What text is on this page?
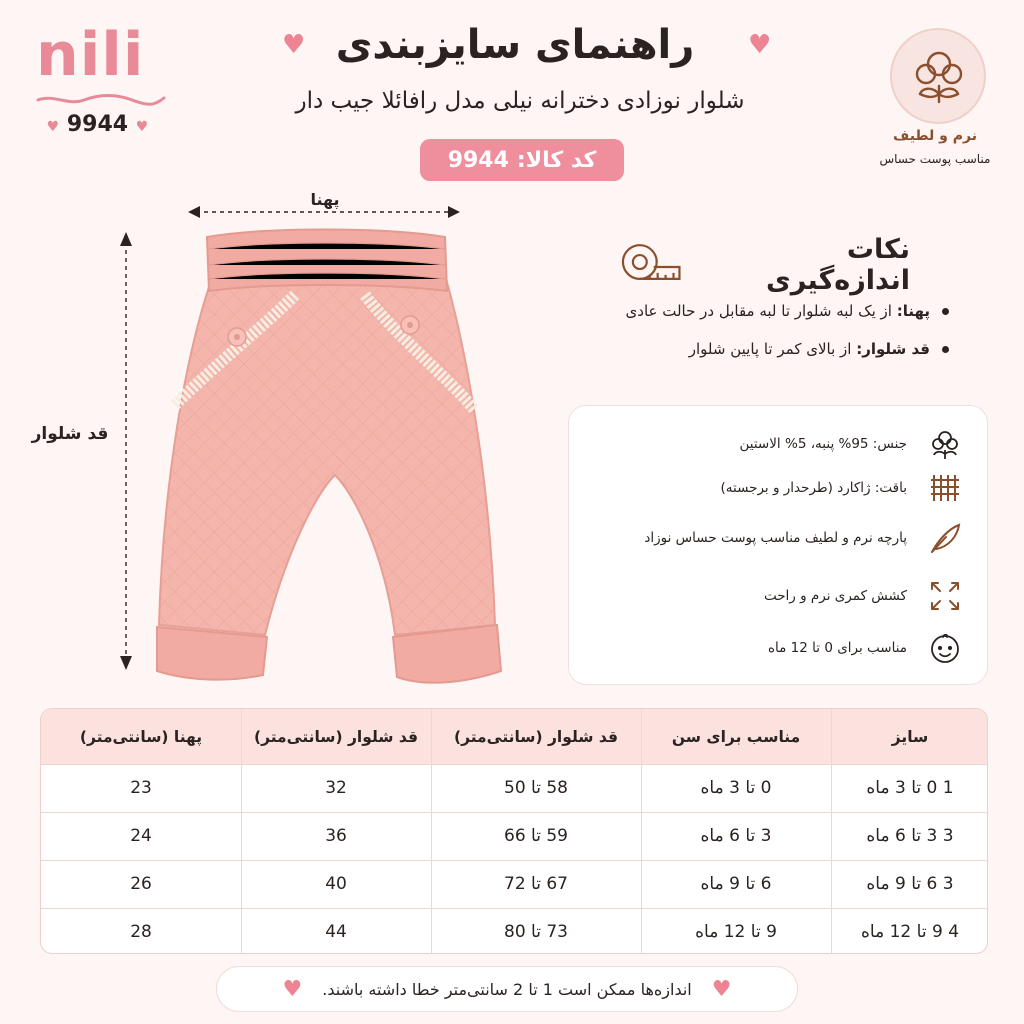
nili
♥ 9944 ♥
♥ راهنمای سایزبندی	♥
شلوار نوزادی دخترانه نیلی مدل رافائلا جیب دار
کد کالا:
9944
نرم و لطیف
مناسب پوست حساس
پهنا
قد شلوار
نکات اندازه‌گیری
پهنا: از یک لبه شلوار تا لبه مقابل در حالت عادی
قد شلوار: از بالای کمر تا پایین شلوار
جنس: 95% پنبه، 5% الاستین
باقت: ژاکارد (طرحدار و برجسته)
پارچه نرم و لطیف مناسب پوست حساس نوزاد
کشش کمری نرم و راحت
مناسب برای 0 تا 12 ماه
سایز
مناسب برای سن
قد شلوار (سانتی‌متر)
قد شلوار (سانتی‌متر)
پهنا (سانتی‌متر)
1 0 تا 3 ماه
0 تا 3 ماه
58 تا 50
32
23
3 3 تا 6 ماه
3 تا 6 ماه
59 تا 66
36
24
3 6 تا 9 ماه
6 تا 9 ماه
67 تا 72
40
26
4 9 تا 12 ماه
9 تا 12 ماه
73 تا 80
44
28
♥
اندازه‌ها ممکن است 1 تا 2 سانتی‌متر خطا داشته باشند.
♥
